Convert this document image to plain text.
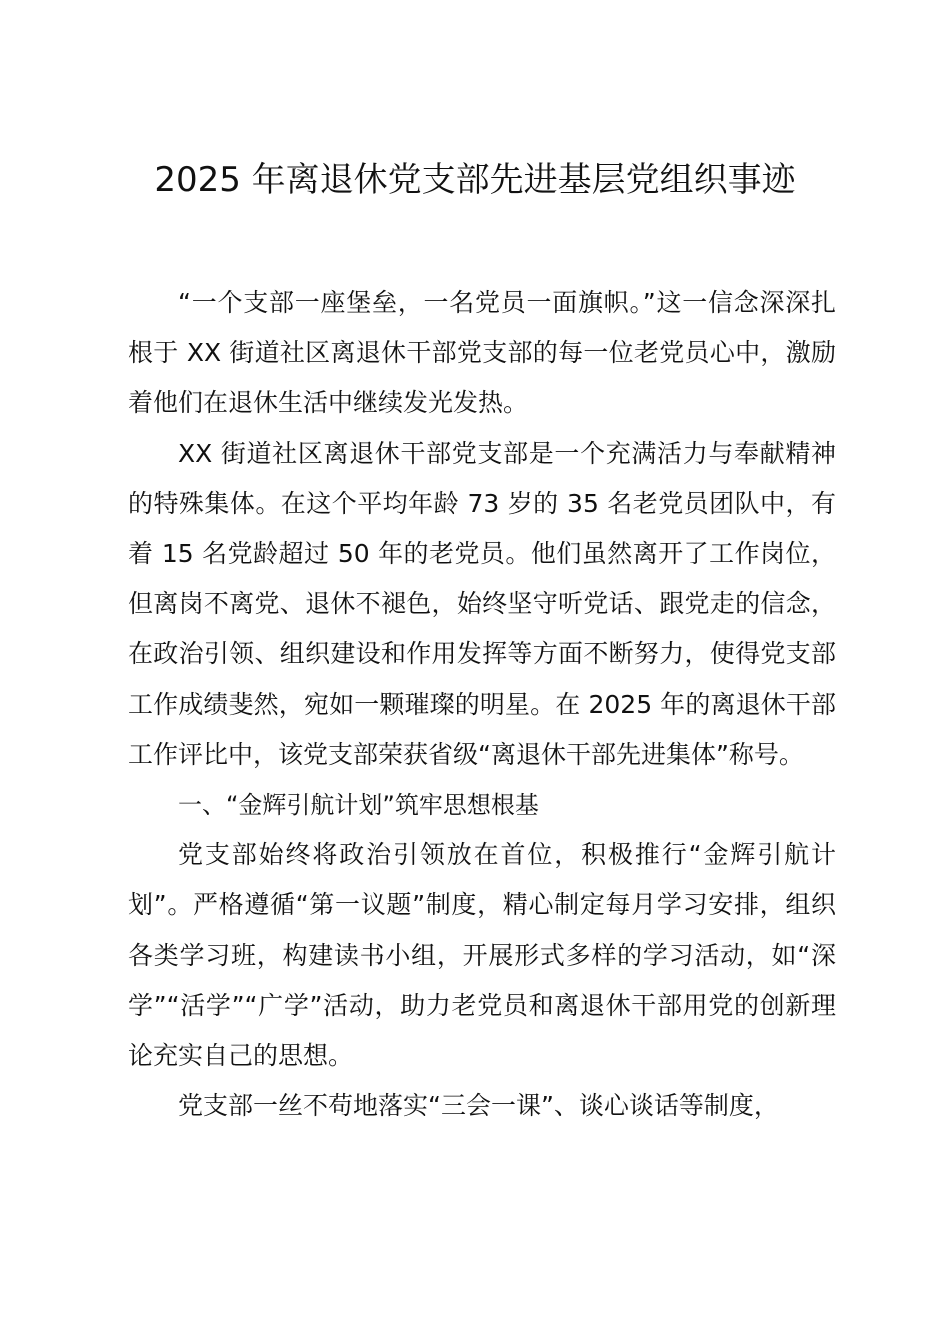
2025 年离退休党支部先进基层党组织事迹

“一个支部一座堡垒，一名党员一面旗帜。”这一信念深深扎根于 XX 街道社区离退休干部党支部的每一位老党员心中，激励着他们在退休生活中继续发光发热。

XX 街道社区离退休干部党支部是一个充满活力与奉献精神的特殊集体。在这个平均年龄 73 岁的 35 名老党员团队中，有着 15 名党龄超过 50 年的老党员。他们虽然离开了工作岗位，但离岗不离党、退休不褪色，始终坚守听党话、跟党走的信念，在政治引领、组织建设和作用发挥等方面不断努力，使得党支部工作成绩斐然，宛如一颗璀璨的明星。在 2025 年的离退休干部工作评比中，该党支部荣获省级“离退休干部先进集体”称号。

一、“金辉引航计划”筑牢思想根基

党支部始终将政治引领放在首位，积极推行“金辉引航计划”。严格遵循“第一议题”制度，精心制定每月学习安排，组织各类学习班，构建读书小组，开展形式多样的学习活动，如“深学”“活学”“广学”活动，助力老党员和离退休干部用党的创新理论充实自己的思想。

党支部一丝不苟地落实“三会一课”、谈心谈话等制度，
